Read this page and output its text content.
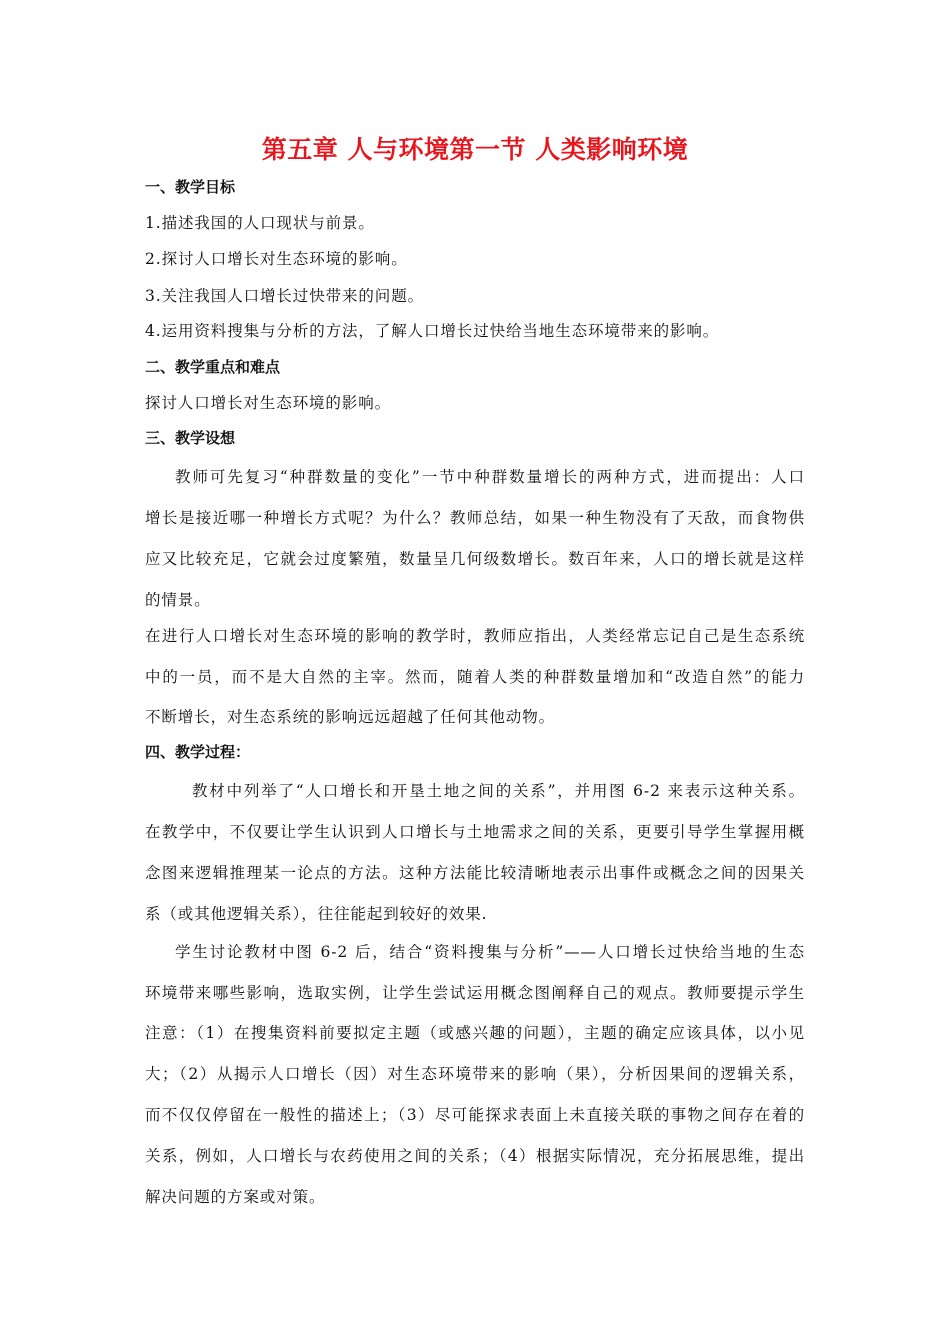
第五章 人与环境第一节 人类影响环境
一、教学目标
1.描述我国的人口现状与前景。
2.探讨人口增长对生态环境的影响。
3.关注我国人口增长过快带来的问题。
4.运用资料搜集与分析的方法，了解人口增长过快给当地生态环境带来的影响。
二、教学重点和难点
探讨人口增长对生态环境的影响。
三、教学设想
教师可先复习“种群数量的变化”一节中种群数量增长的两种方式，进而提出：人口
增长是接近哪一种增长方式呢？为什么？教师总结，如果一种生物没有了天敌，而食物供
应又比较充足，它就会过度繁殖，数量呈几何级数增长。数百年来，人口的增长就是这样
的情景。
在进行人口增长对生态环境的影响的教学时，教师应指出，人类经常忘记自己是生态系统
中的一员，而不是大自然的主宰。然而，随着人类的种群数量增加和“改造自然”的能力
不断增长，对生态系统的影响远远超越了任何其他动物。
四、教学过程：
教材中列举了“人口增长和开垦土地之间的关系”，并用图 6-2 来表示这种关系。
在教学中，不仅要让学生认识到人口增长与土地需求之间的关系，更要引导学生掌握用概
念图来逻辑推理某一论点的方法。这种方法能比较清晰地表示出事件或概念之间的因果关
系（或其他逻辑关系），往往能起到较好的效果.
学生讨论教材中图 6-2 后，结合“资料搜集与分析”——人口增长过快给当地的生态
环境带来哪些影响，选取实例，让学生尝试运用概念图阐释自己的观点。教师要提示学生
注意：（1）在搜集资料前要拟定主题（或感兴趣的问题），主题的确定应该具体，以小见
大；（2）从揭示人口增长（因）对生态环境带来的影响（果），分析因果间的逻辑关系，
而不仅仅停留在一般性的描述上；（3）尽可能探求表面上未直接关联的事物之间存在着的
关系，例如，人口增长与农药使用之间的关系；（4）根据实际情况，充分拓展思维，提出
解决问题的方案或对策。
